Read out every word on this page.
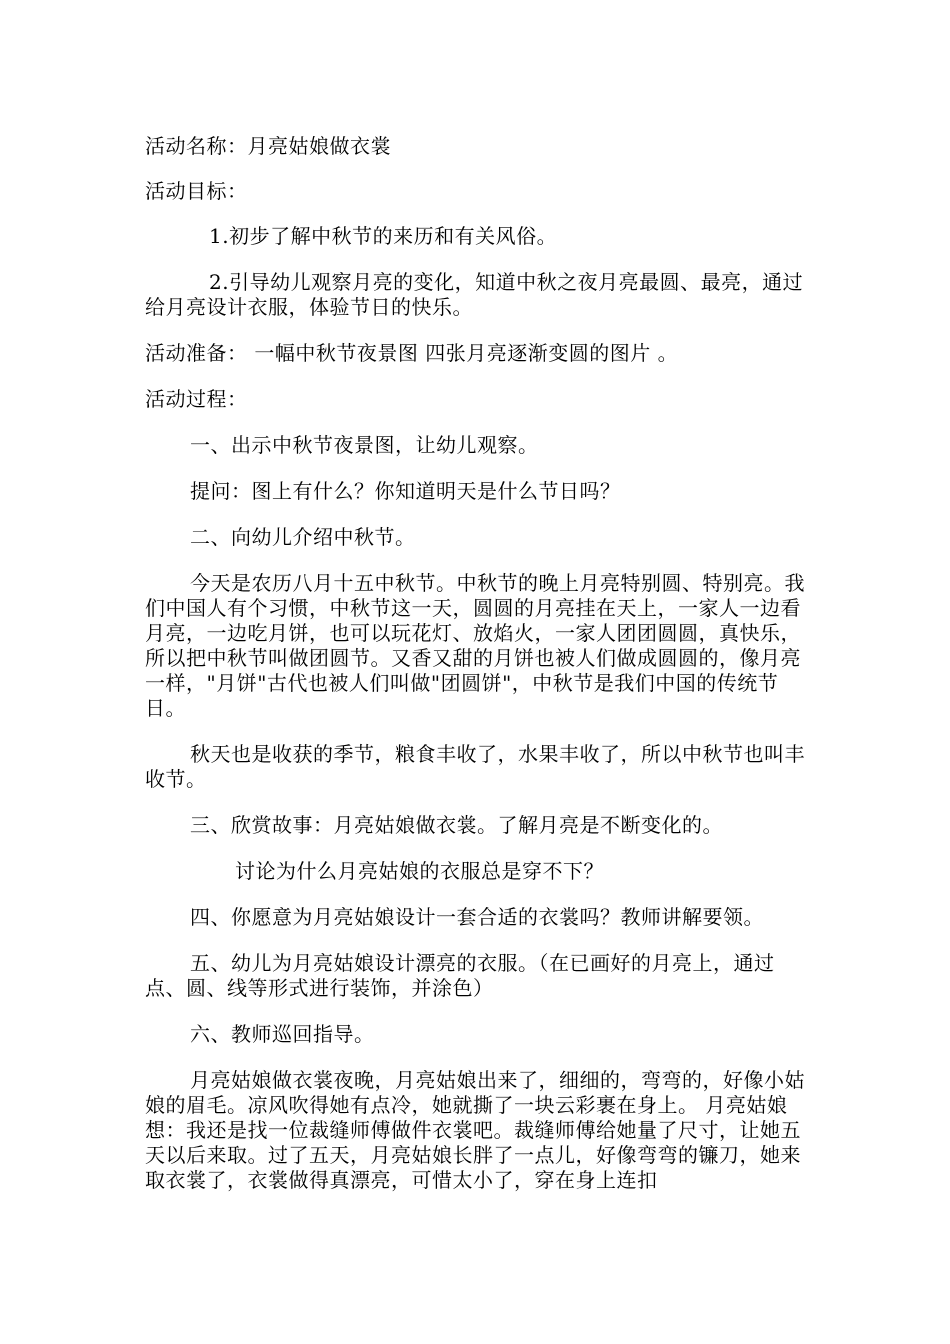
活动名称：月亮姑娘做衣裳

活动目标：

1.初步了解中秋节的来历和有关风俗。

2.引导幼儿观察月亮的变化，知道中秋之夜月亮最圆、最亮，通过给月亮设计衣服，体验节日的快乐。

活动准备： 一幅中秋节夜景图 四张月亮逐渐变圆的图片 。

活动过程：

一、出示中秋节夜景图，让幼儿观察。

提问：图上有什么？你知道明天是什么节日吗？

二、向幼儿介绍中秋节。

今天是农历八月十五中秋节。中秋节的晚上月亮特别圆、特别亮。我们中国人有个习惯，中秋节这一天，圆圆的月亮挂在天上，一家人一边看月亮，一边吃月饼，也可以玩花灯、放焰火，一家人团团圆圆，真快乐，所以把中秋节叫做团圆节。又香又甜的月饼也被人们做成圆圆的，像月亮一样，"月饼"古代也被人们叫做"团圆饼"，中秋节是我们中国的传统节日。

秋天也是收获的季节，粮食丰收了，水果丰收了，所以中秋节也叫丰收节。

三、欣赏故事：月亮姑娘做衣裳。了解月亮是不断变化的。

讨论为什么月亮姑娘的衣服总是穿不下？

四、你愿意为月亮姑娘设计一套合适的衣裳吗？教师讲解要领。

五、幼儿为月亮姑娘设计漂亮的衣服。（在已画好的月亮上，通过点、圆、线等形式进行装饰，并涂色）

六、教师巡回指导。

月亮姑娘做衣裳夜晚，月亮姑娘出来了，细细的，弯弯的，好像小姑娘的眉毛。凉风吹得她有点冷，她就撕了一块云彩裹在身上。 月亮姑娘想：我还是找一位裁缝师傅做件衣裳吧。裁缝师傅给她量了尺寸，让她五天以后来取。过了五天，月亮姑娘长胖了一点儿，好像弯弯的镰刀，她来取衣裳了，衣裳做得真漂亮，可惜太小了，穿在身上连扣
